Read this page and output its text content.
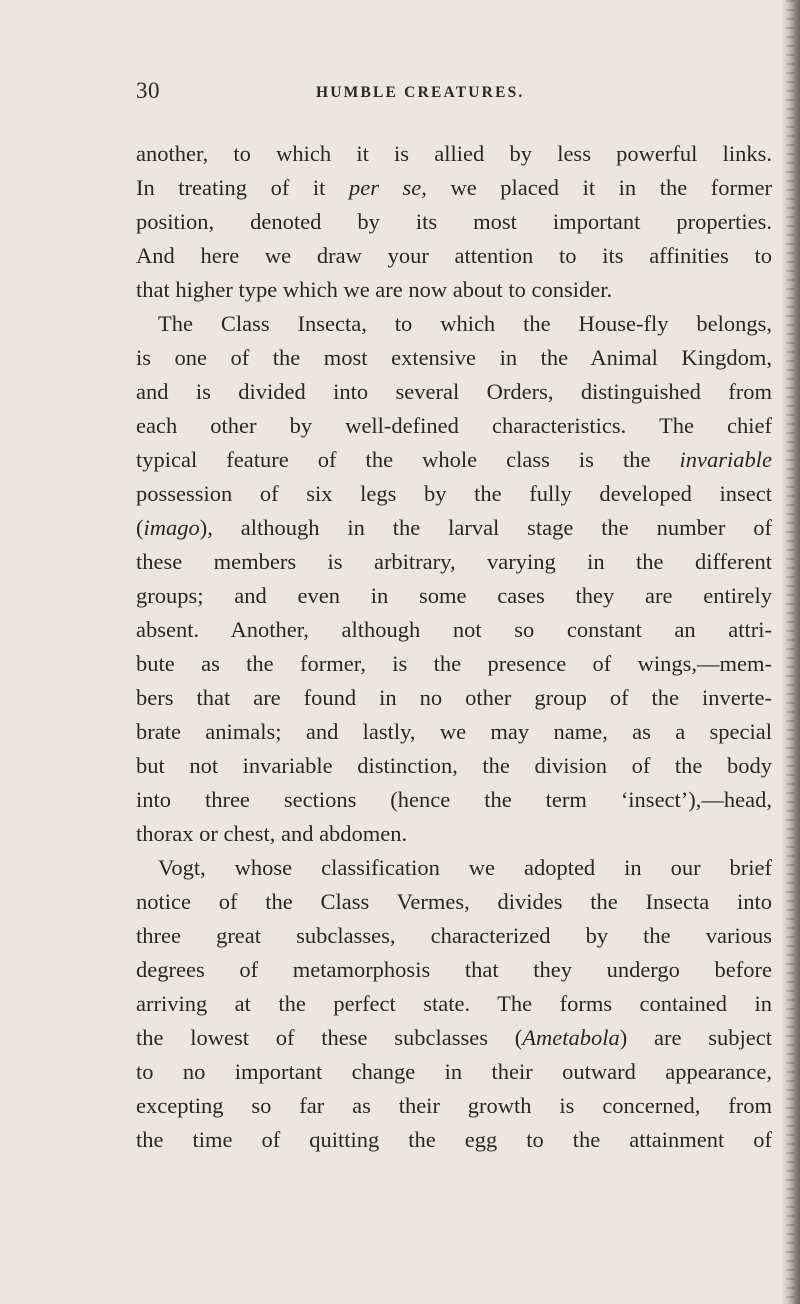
30	HUMBLE CREATURES.
another, to which it is allied by less powerful links.
In treating of it per se, we placed it in the former
position, denoted by its most important properties.
And here we draw your attention to its affinities to
that higher type which we are now about to consider.
The Class Insecta, to which the House-fly belongs,
is one of the most extensive in the Animal Kingdom,
and is divided into several Orders, distinguished from
each other by well-defined characteristics. The chief
typical feature of the whole class is the invariable
possession of six legs by the fully developed insect
(imago), although in the larval stage the number of
these members is arbitrary, varying in the different
groups; and even in some cases they are entirely
absent. Another, although not so constant an attri-
bute as the former, is the presence of wings,—mem-
bers that are found in no other group of the inverte-
brate animals; and lastly, we may name, as a special
but not invariable distinction, the division of the body
into three sections (hence the term ‘insect’),—head,
thorax or chest, and abdomen.
Vogt, whose classification we adopted in our brief
notice of the Class Vermes, divides the Insecta into
three great subclasses, characterized by the various
degrees of metamorphosis that they undergo before
arriving at the perfect state. The forms contained in
the lowest of these subclasses (Ametabola) are subject
to no important change in their outward appearance,
excepting so far as their growth is concerned, from
the time of quitting the egg to the attainment of
